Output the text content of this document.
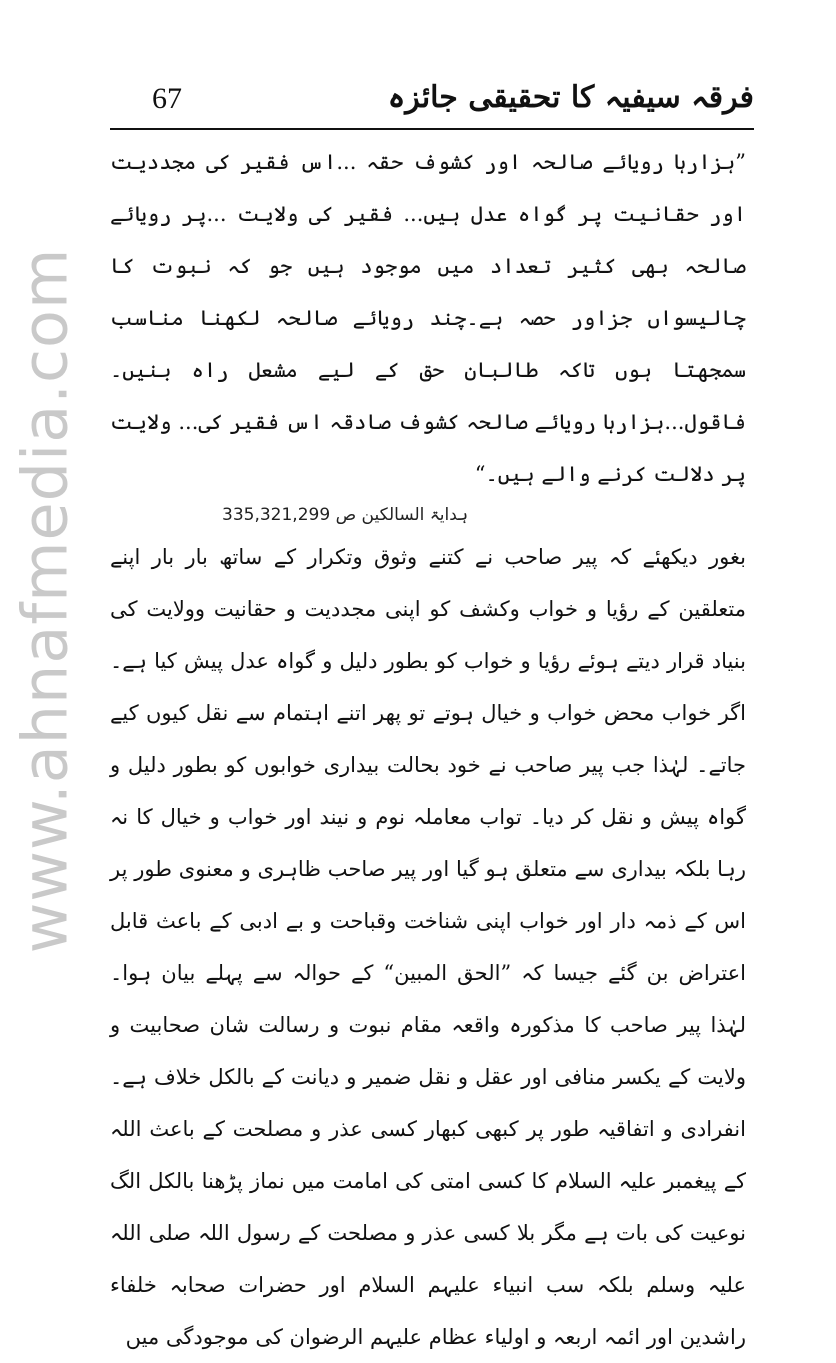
www.ahnafmedia.com
67	فرقہ سیفیہ کا تحقیقی جائزہ

”ہزارہا رویائے صالحہ اور کشوف حقہ ...اس فقیر کی مجددیت اور حقانیت پر گواہ عدل ہیں... فقیر کی ولایت ...پر رویائے صالحہ بھی کثیر تعداد میں موجود ہیں جو کہ نبوت کا چالیسواں جزاور حصہ ہے۔چند رویائے صالحہ لکھنا مناسب سمجھتا ہوں تاکہ طالبان حق کے لیے مشعل راہ بنیں۔ فاقول...ہزارہا رویائے صالحہ کشوف صادقہ اس فقیر کی... ولایت پر دلالت کرنے والے ہیں۔“

335,321,299 ہدایۃ السالکین ص

بغور دیکھئے کہ پیر صاحب نے کتنے وثوق وتکرار کے ساتھ بار بار اپنے متعلقین کے رؤیا و خواب وکشف کو اپنی مجددیت و حقانیت وولایت کی بنیاد قرار دیتے ہوئے رؤیا و خواب کو بطور دلیل و گواہ عدل پیش کیا ہے۔ اگر خواب محض خواب و خیال ہوتے تو پھر اتنے اہتمام سے نقل کیوں کیے جاتے۔ لہٰذا جب پیر صاحب نے خود بحالت بیداری خوابوں کو بطور دلیل و گواہ پیش و نقل کر دیا۔ تواب معاملہ نوم و نیند اور خواب و خیال کا نہ رہا بلکہ بیداری سے متعلق ہو گیا اور پیر صاحب ظاہری و معنوی طور پر اس کے ذمہ دار اور خواب اپنی شناخت وقباحت و بے ادبی کے باعث قابل اعتراض بن گئے جیسا کہ ”الحق المبین“ کے حوالہ سے پہلے بیان ہوا۔ لہٰذا پیر صاحب کا مذکورہ واقعہ مقام نبوت و رسالت شان صحابیت و ولایت کے یکسر منافی اور عقل و نقل ضمیر و دیانت کے بالکل خلاف ہے۔ انفرادی و اتفاقیہ طور پر کبھی کبھار کسی عذر و مصلحت کے باعث اللہ کے پیغمبر علیہ السلام کا کسی امتی کی امامت میں نماز پڑھنا بالکل الگ نوعیت کی بات ہے مگر بلا کسی عذر و مصلحت کے رسول اللہ صلی اللہ علیہ وسلم بلکہ سب انبیاء علیہم السلام اور حضرات صحابہ خلفاء راشدین اور ائمہ اربعہ و اولیاء عظام علیہم الرضوان کی موجودگی میں
